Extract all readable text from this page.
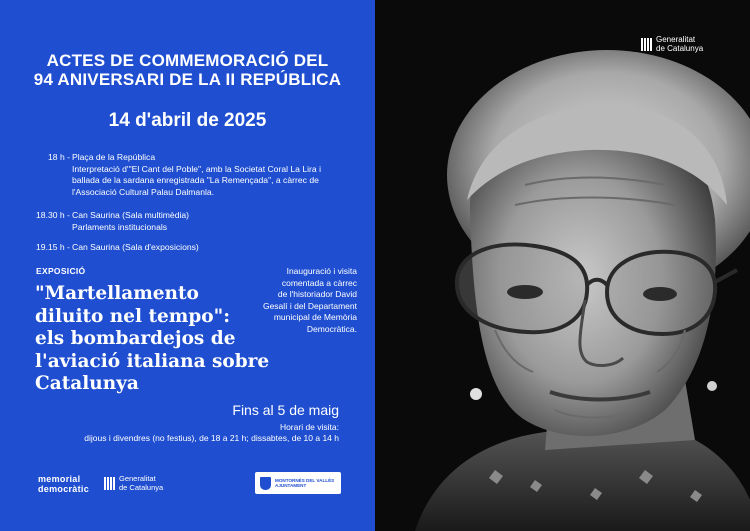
ACTES DE COMMEMORACIÓ DEL
94 ANIVERSARI DE LA II REPÚBLICA
14 d'abril de 2025
18 h - Plaça de la República
Interpretació d'"El Cant del Poble", amb la Societat Coral La Lira i
ballada de la sardana enregistrada "La Remençada", a càrrec de
l'Associació Cultural Palau Dalmanla.
18.30 h - Can Saurina (Sala multimèdia)
Parlaments institucionals
19.15 h - Can Saurina (Sala d'exposicions)
EXPOSICIÓ
"Martellamento
diluito nel tempo":
els bombardejos de
l'aviació italiana sobre
Catalunya
Inauguració i visita
comentada a càrrec
de l'historiador David
Gesalí i del Departament
municipal de Memòria
Democràtica.
Fins al 5 de maig
Horari de visita:
dijous i divendres (no festius), de 18 a 21 h; dissabtes, de 10 a 14 h
memorial
democràtic
Generalitat
de Catalunya
MONTORNÈS DEL VALLÈS
AJUNTAMENT
Generalitat
de Catalunya
